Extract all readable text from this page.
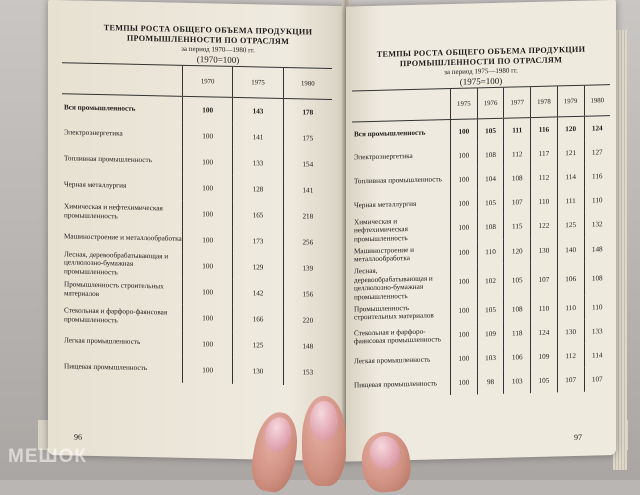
ТЕМПЫ РОСТА ОБЩЕГО ОБЪЕМА ПРОДУКЦИИ ПРОМЫШЛЕННОСТИ ПО ОТРАСЛЯМ
за период 1970—1980 гг.
(1970=100)
	1970	1975	1980
Вся промышленность	100	143	178
Электроэнергетика	100	141	175
Топливная промышленность	100	133	154
Черная металлургия	100	128	141
Химическая и нефтехимическая промышленность	100	165	218
Машиностроение и металлообработка	100	173	256
Лесная, деревообрабатывающая и целлюлозно-бумажная промышленность	100	129	139
Промышленность строительных материалов	100	142	156
Стекольная и фарфоро-фаянсовая промышленность	100	166	220
Легкая промышленность	100	125	148
Пищевая промышленность	100	130	153
96
ТЕМПЫ РОСТА ОБЩЕГО ОБЪЕМА ПРОДУКЦИИ ПРОМЫШЛЕННОСТИ ПО ОТРАСЛЯМ
за период 1975—1980 гг.
(1975=100)
	1975	1976	1977	1978	1979	1980
Вся промышленность	100	105	111	116	120	124
Электроэнергетика	100	108	112	117	121	127
Топливная промышленность	100	104	108	112	114	116
Черная металлургия	100	105	107	110	111	110
Химическая и нефтехимическая промышленность	100	108	115	122	125	132
Машиностроение и металлообработка	100	110	120	130	140	148
Лесная, деревообрабатывающая и целлюлозно-бумажная промышленность	100	102	105	107	106	108
Промышленность строительных материалов	100	105	108	110	110	110
Стекольная и фарфоро-фаянсовая промышленность	100	109	118	124	130	133
Легкая промышленность	100	103	106	109	112	114
Пищевая промышленность	100	98	103	105	107	107
97
МЕШОК
